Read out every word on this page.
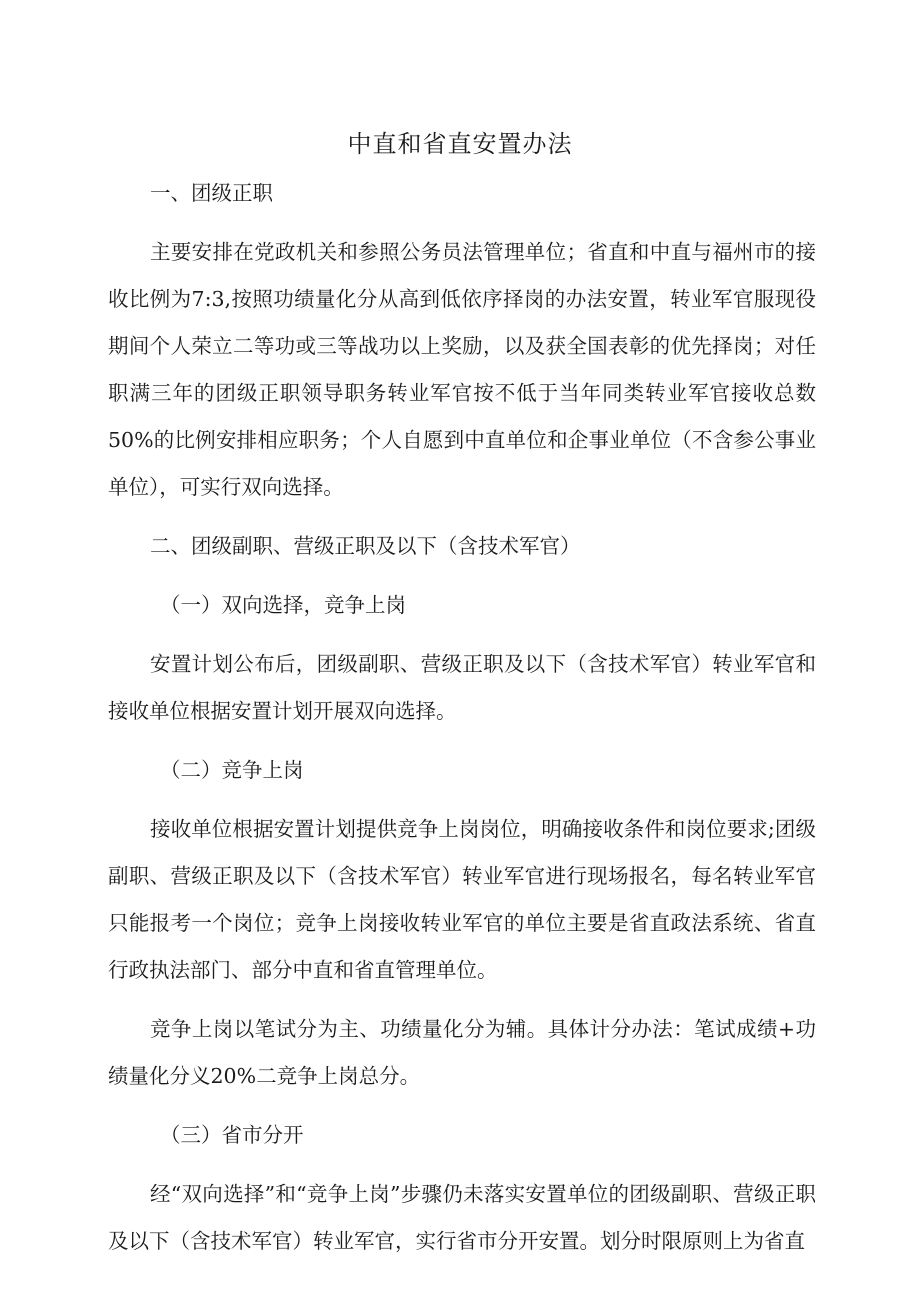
中直和省直安置办法

一、团级正职

主要安排在党政机关和参照公务员法管理单位；省直和中直与福州市的接收比例为7:3,按照功绩量化分从高到低依序择岗的办法安置，转业军官服现役期间个人荣立二等功或三等战功以上奖励，以及获全国表彰的优先择岗；对任职满三年的团级正职领导职务转业军官按不低于当年同类转业军官接收总数50%的比例安排相应职务；个人自愿到中直单位和企事业单位（不含参公事业单位），可实行双向选择。

二、团级副职、营级正职及以下（含技术军官）

（一）双向选择，竞争上岗

安置计划公布后，团级副职、营级正职及以下（含技术军官）转业军官和接收单位根据安置计划开展双向选择。

（二）竞争上岗

接收单位根据安置计划提供竞争上岗岗位，明确接收条件和岗位要求;团级副职、营级正职及以下（含技术军官）转业军官进行现场报名，每名转业军官只能报考一个岗位；竞争上岗接收转业军官的单位主要是省直政法系统、省直行政执法部门、部分中直和省直管理单位。

竞争上岗以笔试分为主、功绩量化分为辅。具体计分办法：笔试成绩+功绩量化分义20%二竞争上岗总分。

（三）省市分开

经“双向选择”和“竞争上岗”步骤仍未落实安置单位的团级副职、营级正职及以下（含技术军官）转业军官，实行省市分开安置。划分时限原则上为省直
